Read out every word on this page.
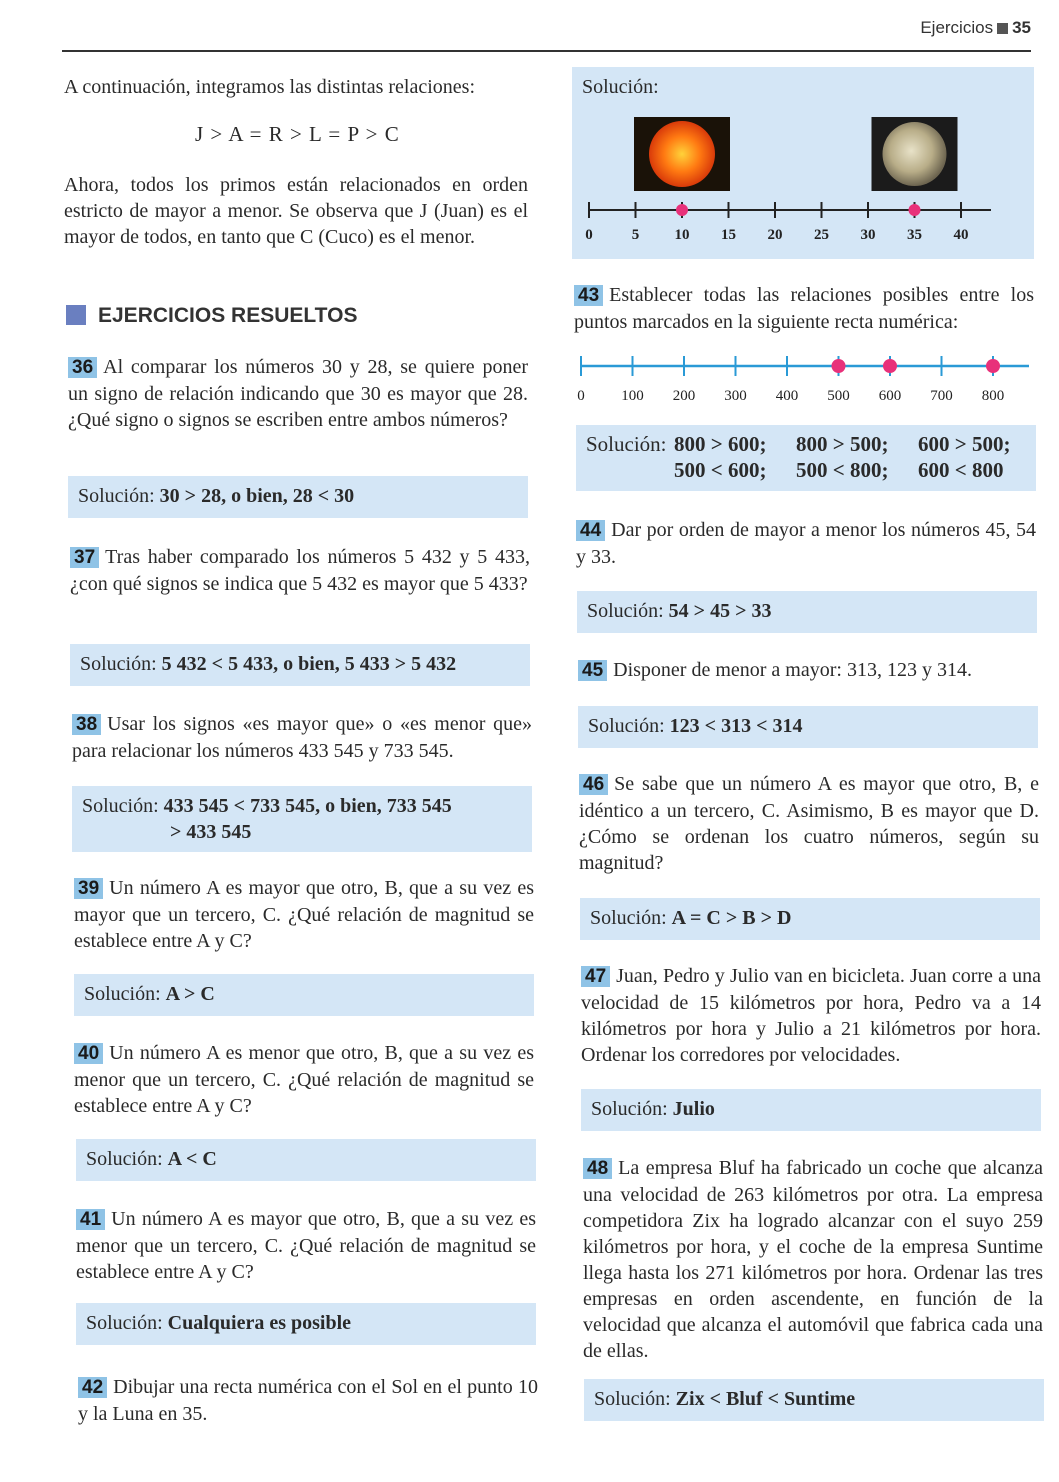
Ejercicios 35

A continuación, integramos las distintas relaciones:

J > A = R > L = P > C

Ahora, todos los primos están relacionados en orden estricto de mayor a menor. Se observa que J (Juan) es el mayor de todos, en tanto que C (Cuco) es el menor.

EJERCICIOS RESUELTOS

36 Al comparar los números 30 y 28, se quiere poner un signo de relación indicando que 30 es mayor que 28. ¿Qué signo o signos se escriben entre ambos números?

Solución: 30 > 28, o bien, 28 < 30

37 Tras haber comparado los números 5 432 y 5 433, ¿con qué signos se indica que 5 432 es mayor que 5 433?

Solución: 5 432 < 5 433, o bien, 5 433 > 5 432

38 Usar los signos «es mayor que» o «es menor que» para relacionar los números 433 545 y 733 545.

Solución: 433 545 < 733 545, o bien, 733 545
> 433 545

39 Un número A es mayor que otro, B, que a su vez es mayor que un tercero, C. ¿Qué relación de magnitud se establece entre A y C?

Solución: A > C

40 Un número A es menor que otro, B, que a su vez es menor que un tercero, C. ¿Qué relación de magnitud se establece entre A y C?

Solución: A < C

41 Un número A es mayor que otro, B, que a su vez es menor que un tercero, C. ¿Qué relación de magnitud se establece entre A y C?

Solución: Cualquiera es posible

42 Dibujar una recta numérica con el Sol en el punto 10 y la Luna en 35.

Solución:
0	5 10 15 20 25 30 35 40

43 Establecer todas las relaciones posibles entre los puntos marcados en la siguiente recta numérica:

0 100 200 300 400 500 600 700 800
Solución: 800 > 600;	800 > 500;	600 > 500;
500 < 600;	500 < 800;	600 < 800

44 Dar por orden de mayor a menor los números 45, 54 y 33.

Solución: 54 > 45 > 33

45 Disponer de menor a mayor: 313, 123 y 314.

Solución: 123 < 313 < 314

46 Se sabe que un número A es mayor que otro, B, e idéntico a un tercero, C. Asimismo, B es mayor que D. ¿Cómo se ordenan los cuatro números, según su magnitud?

Solución: A = C > B > D

47 Juan, Pedro y Julio van en bicicleta. Juan corre a una velocidad de 15 kilómetros por hora, Pedro va a 14 kilómetros por hora y Julio a 21 kilómetros por hora. Ordenar los corredores por velocidades.

Solución: Julio

48 La empresa Bluf ha fabricado un coche que alcanza una velocidad de 263 kilómetros por otra. La empresa competidora Zix ha logrado alcanzar con el suyo 259 kilómetros por hora, y el coche de la empresa Suntime llega hasta los 271 kilómetros por hora. Ordenar las tres empresas en orden ascendente, en función de la velocidad que alcanza el automóvil que fabrica cada una de ellas.

Solución: Zix < Bluf < Suntime
